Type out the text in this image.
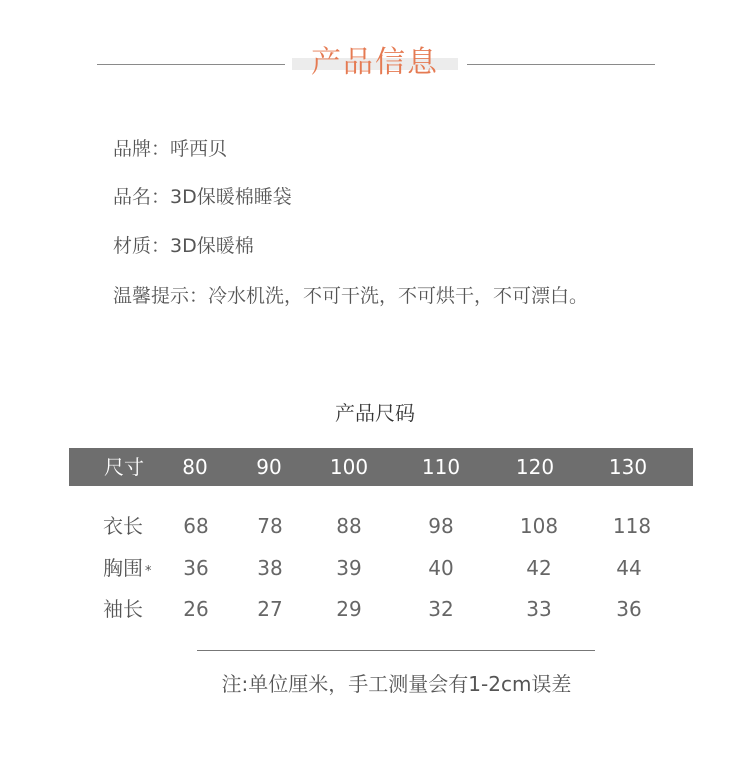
产品信息
品牌：呼西贝
品名：3D保暖棉睡袋
材质：3D保暖棉
温馨提示：冷水机洗，不可干洗，不可烘干，不可漂白。
产品尺码
尺寸	80	90	100	110	120	130
衣长	68	78	88	98	108	118
胸围 *	36	38	39	40	42	44
袖长	26	27	29	32	33	36
注:单位厘米，手工测量会有1-2cm误差
